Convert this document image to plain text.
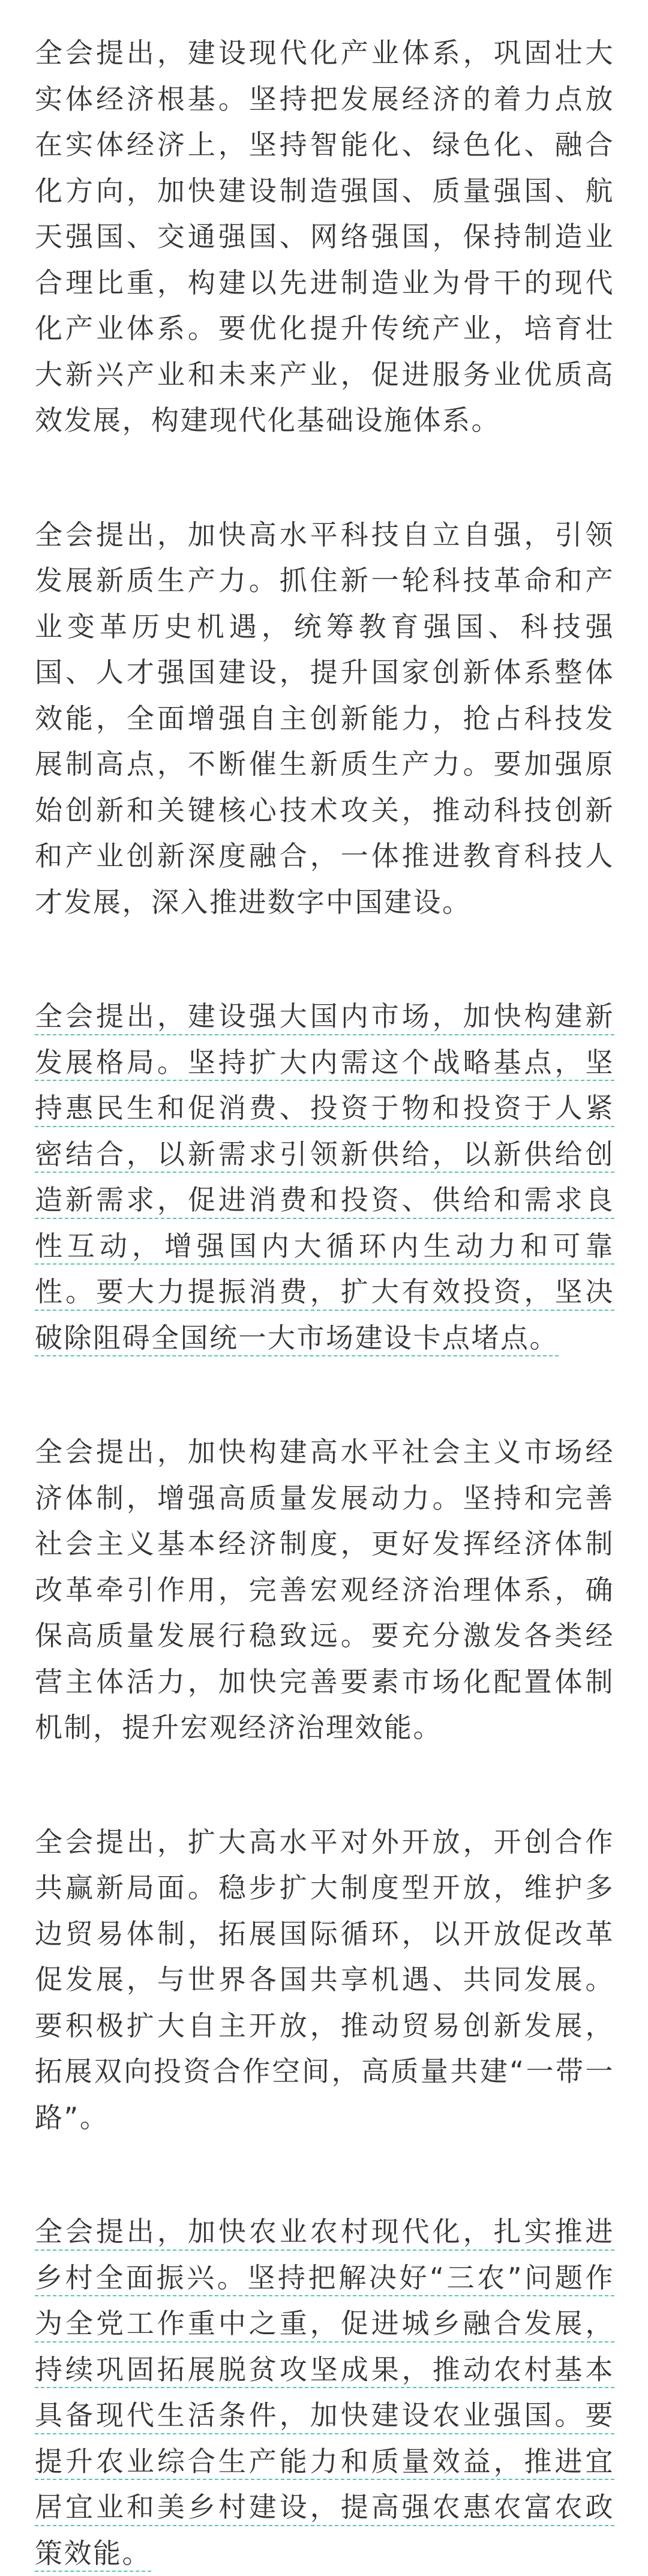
全会提出，建设现代化产业体系，巩固壮大实体经济根基。坚持把发展经济的着力点放在实体经济上，坚持智能化、绿色化、融合化方向，加快建设制造强国、质量强国、航天强国、交通强国、网络强国，保持制造业合理比重，构建以先进制造业为骨干的现代化产业体系。要优化提升传统产业，培育壮大新兴产业和未来产业，促进服务业优质高效发展，构建现代化基础设施体系。

全会提出，加快高水平科技自立自强，引领发展新质生产力。抓住新一轮科技革命和产业变革历史机遇，统筹教育强国、科技强国、人才强国建设，提升国家创新体系整体效能，全面增强自主创新能力，抢占科技发展制高点，不断催生新质生产力。要加强原始创新和关键核心技术攻关，推动科技创新和产业创新深度融合，一体推进教育科技人才发展，深入推进数字中国建设。

全会提出，建设强大国内市场，加快构建新发展格局。坚持扩大内需这个战略基点，坚持惠民生和促消费、投资于物和投资于人紧密结合，以新需求引领新供给，以新供给创造新需求，促进消费和投资、供给和需求良性互动，增强国内大循环内生动力和可靠性。要大力提振消费，扩大有效投资，坚决破除阻碍全国统一大市场建设卡点堵点。

全会提出，加快构建高水平社会主义市场经济体制，增强高质量发展动力。坚持和完善社会主义基本经济制度，更好发挥经济体制改革牵引作用，完善宏观经济治理体系，确保高质量发展行稳致远。要充分激发各类经营主体活力，加快完善要素市场化配置体制机制，提升宏观经济治理效能。

全会提出，扩大高水平对外开放，开创合作共赢新局面。稳步扩大制度型开放，维护多边贸易体制，拓展国际循环，以开放促改革促发展，与世界各国共享机遇、共同发展。要积极扩大自主开放，推动贸易创新发展，拓展双向投资合作空间，高质量共建“一带一路”。

全会提出，加快农业农村现代化，扎实推进乡村全面振兴。坚持把解决好“三农”问题作为全党工作重中之重，促进城乡融合发展，持续巩固拓展脱贫攻坚成果，推动农村基本具备现代生活条件，加快建设农业强国。要提升农业综合生产能力和质量效益，推进宜居宜业和美乡村建设，提高强农惠农富农政策效能。
